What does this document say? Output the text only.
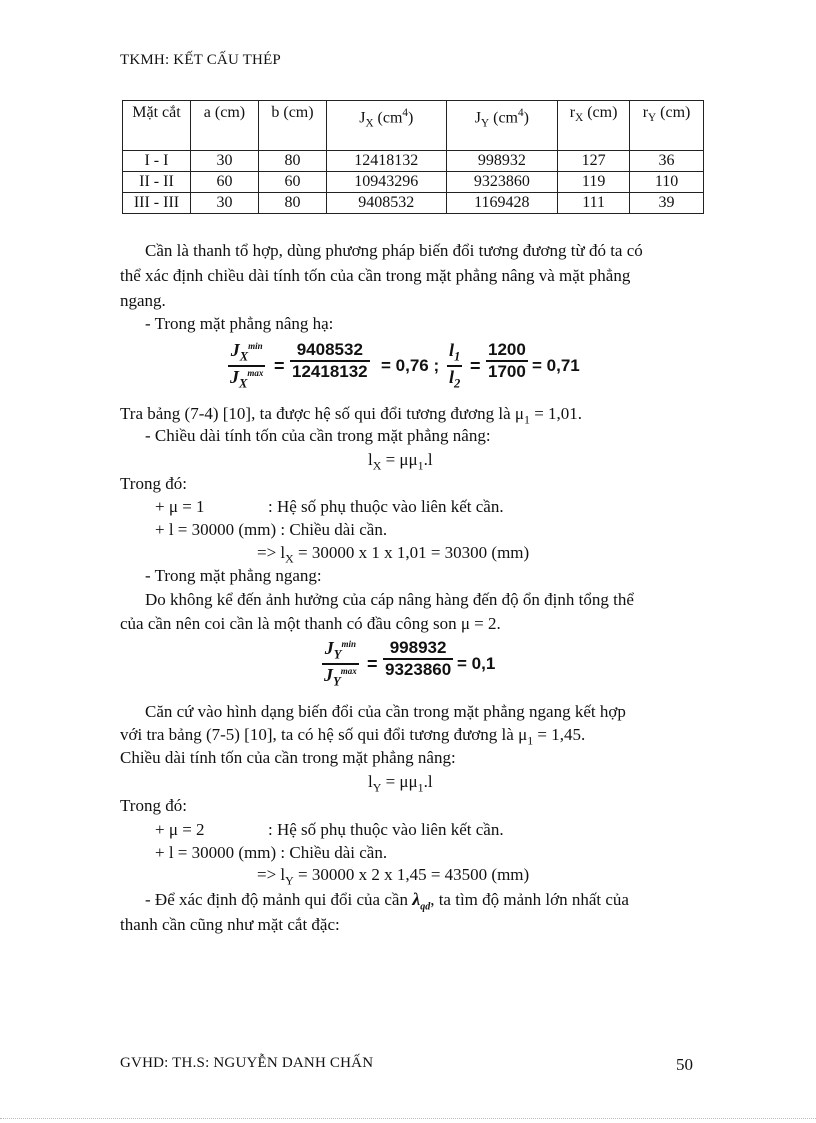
TKMH: KẾT CẤU THÉP
Mặt cắt	a (cm)	b (cm)	$J_X$ $(cm^4)$	$J_Y$ $(cm^4)$	$r_X$ (cm)	$r_Y$ (cm)
I - I	30	80	12418132	998932	127	36
II - II	60	60	10943296	9323860	119	110
III - III	30	80	9408532	1169428	111	39
Cần là thanh tổ hợp, dùng phương pháp biến đổi tương đương từ đó ta có
thể xác định chiều dài tính tốn của cần trong mặt phẳng nâng và mặt phẳng
ngang.
- Trong mặt phẳng nâng hạ:
$J_X^{min}$
$J_X^{max} = \frac{9408532}{12418132} = 0,76$ ; $\frac{l_1}{l_2} = \frac{1200}{1700} = 0,71$
Tra bảng (7-4) [10], ta được hệ số qui đổi tương đương là $\mu_1 = 1,01$.
- Chiều dài tính tốn của cần trong mặt phẳng nâng:
$l_X = \mu\mu_1.l$
Trong đó:
+ μ = 1	: Hệ số phụ thuộc vào liên kết cần.
+ l = 30000 (mm) : Chiều dài cần.
=> $l_X = 30000$ x 1 x 1,01 = 30300 (mm)
- Trong mặt phẳng ngang:
Do không kể đến ảnh hưởng của cáp nâng hàng đến độ ổn định tổng thể
của cần nên coi cần là một thanh có đầu công son μ = 2.
$J_Y^{min}$
$J_Y^{max} = \frac{998932}{9323860} = 0,1$
Căn cứ vào hình dạng biến đổi của cần trong mặt phẳng ngang kết hợp
với tra bảng (7-5) [10], ta có hệ số qui đổi tương đương là $\mu_1 = 1,45$.
Chiều dài tính tốn của cần trong mặt phẳng nâng:
$l_Y = \mu\mu_1.l$
Trong đó:
+ μ = 2	: Hệ số phụ thuộc vào liên kết cần.
+ l = 30000 (mm) : Chiều dài cần.
=> $l_Y = 30000$ x 2 x 1,45 = 43500 (mm)
- Để xác định độ mảnh qui đổi của cần $\lambda_{qd}$, ta tìm độ mảnh lớn nhất của
thanh cần cũng như mặt cắt đặc:
GVHD: TH.S: NGUYỄN DANH CHẤN	50
